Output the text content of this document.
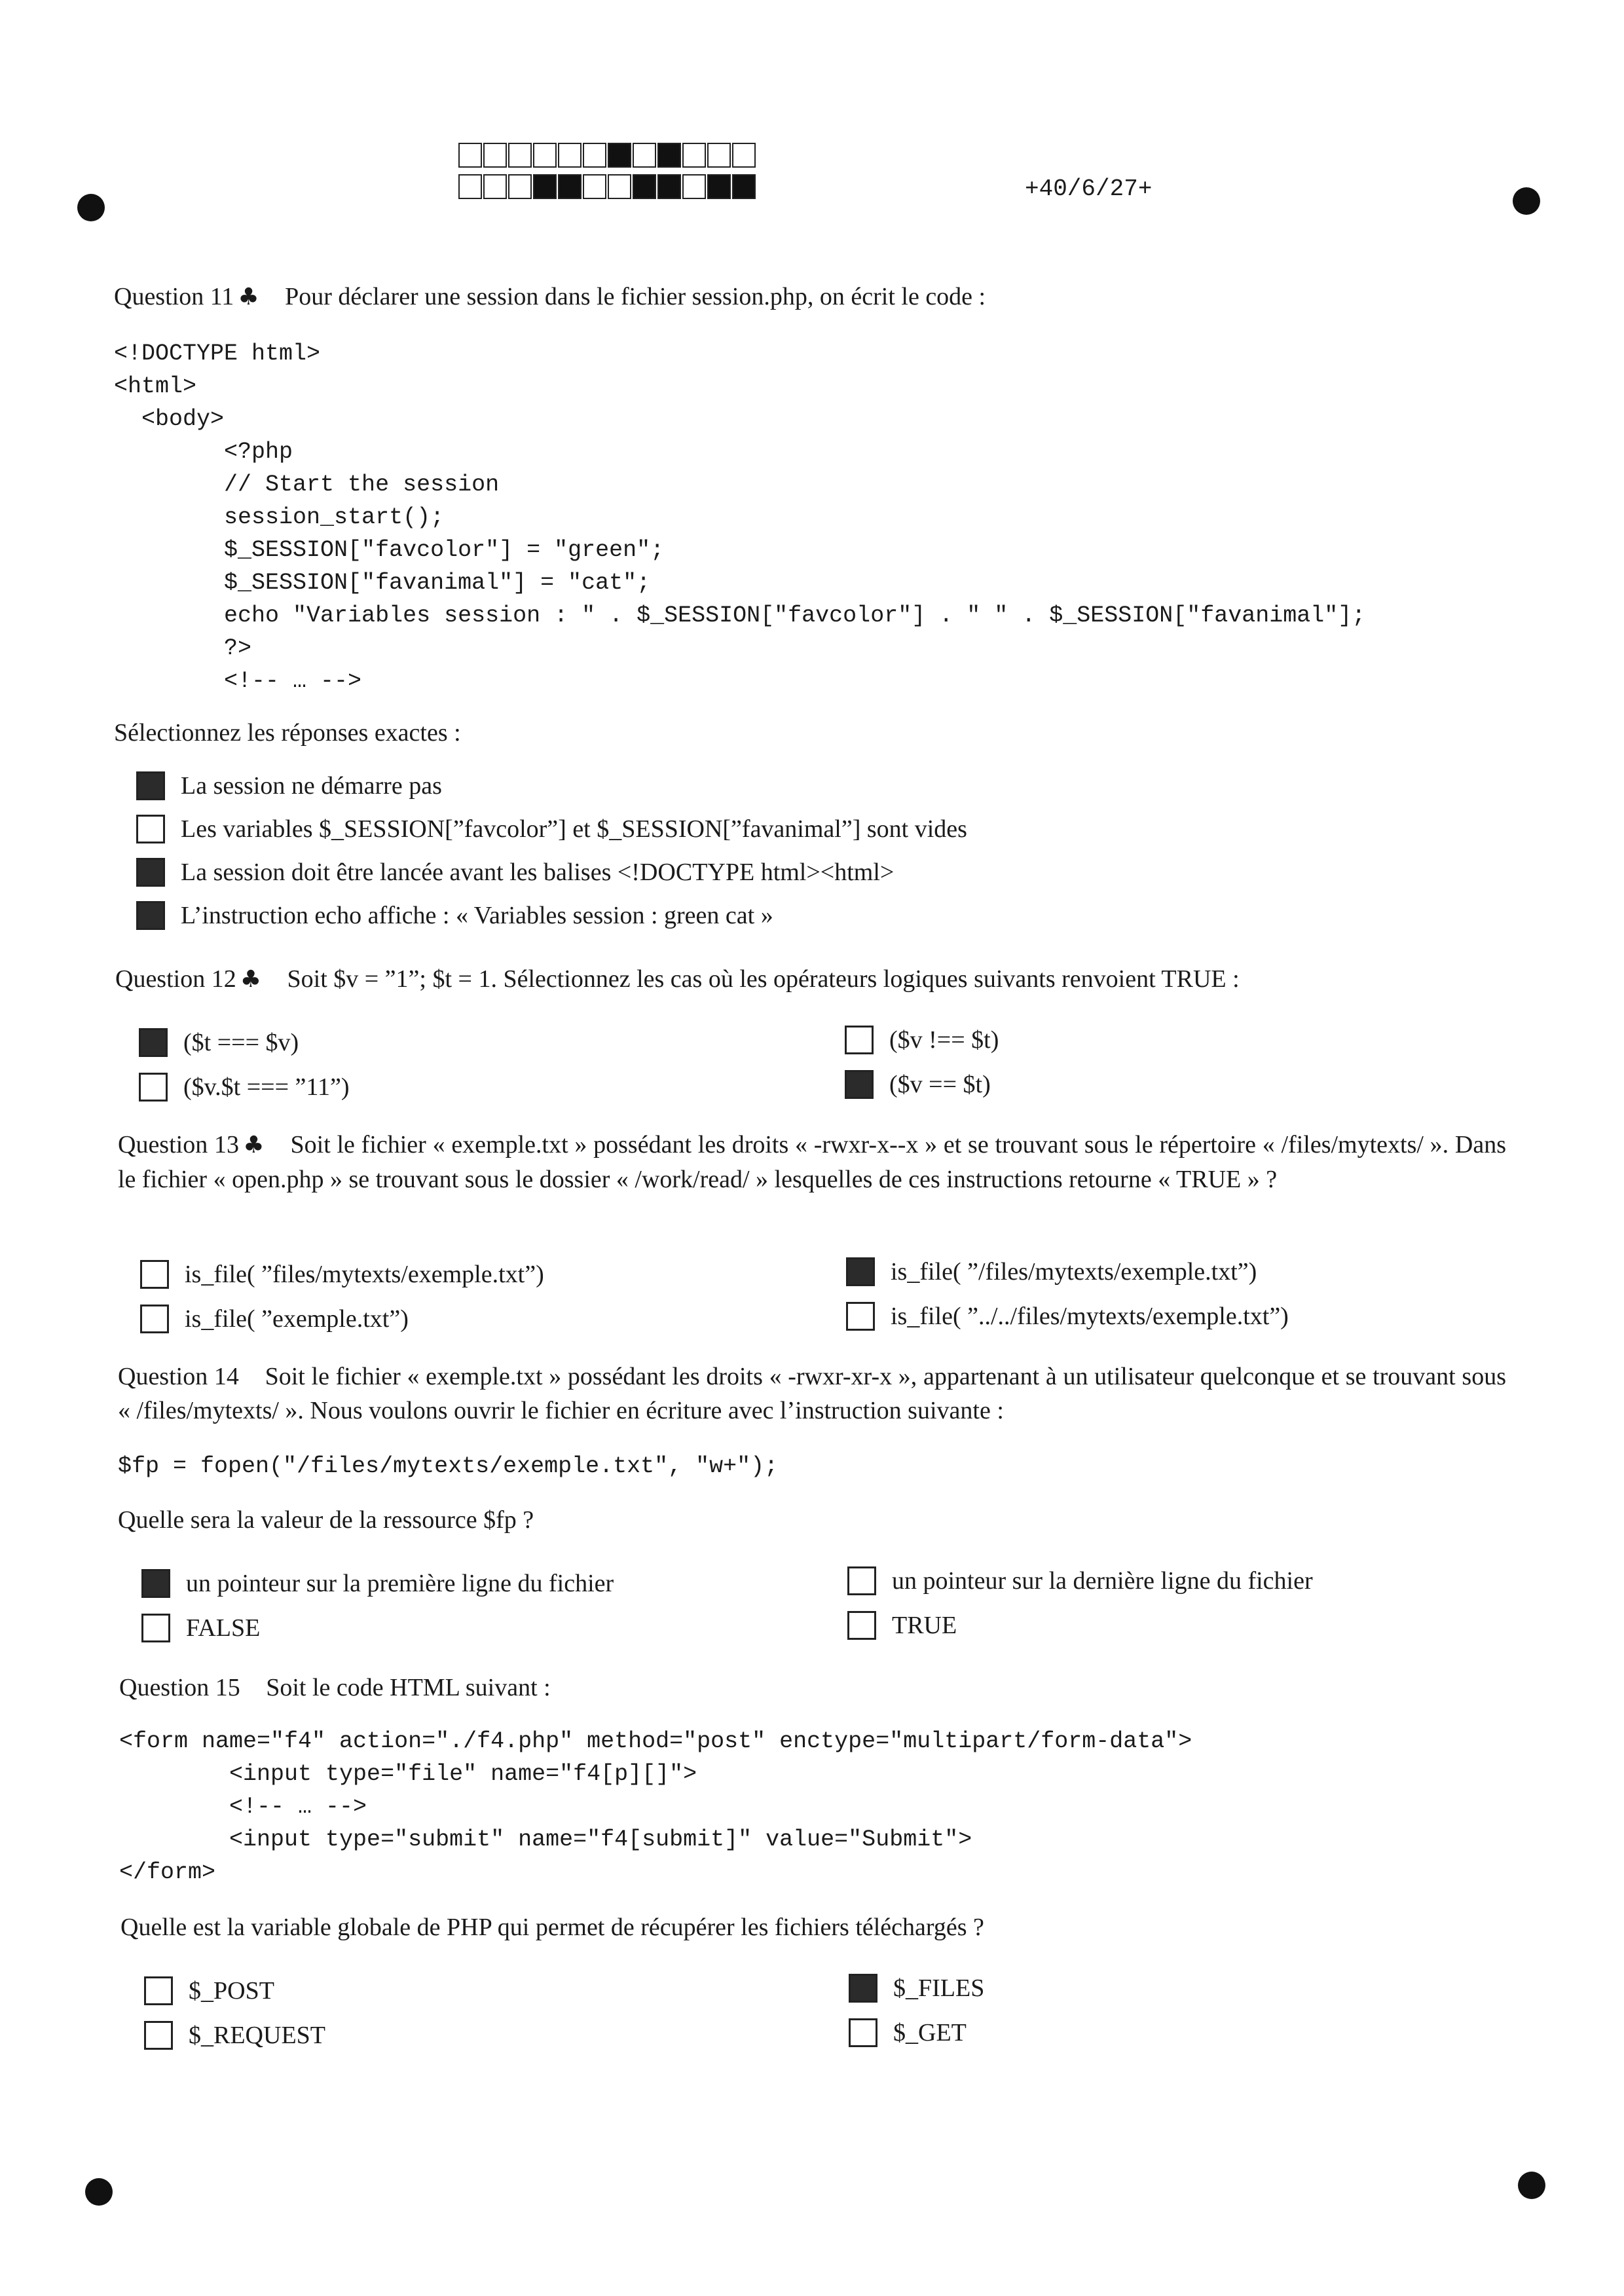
+40/6/27+
Question 11 ♣ Pour déclarer une session dans le fichier session.php, on écrit le code :
<!DOCTYPE html>
<html>
<body>
<?php
// Start the session
session_start();
$_SESSION["favcolor"] = "green";
$_SESSION["favanimal"] = "cat";
echo "Variables session : " . $_SESSION["favcolor"] . " " . $_SESSION["favanimal"];
?>
<!-- … -->
Sélectionnez les réponses exactes :
La session ne démarre pas
Les variables $_SESSION[”favcolor”] et $_SESSION[”favanimal”] sont vides
La session doit être lancée avant les balises <!DOCTYPE html><html>
L’instruction echo affiche : « Variables session : green cat »
Question 12 ♣ Soit $v = ”1”; $t = 1. Sélectionnez les cas où les opérateurs logiques suivants renvoient TRUE :
($t === $v)	($v !== $t)
($v.$t === ”11”)	($v == $t)
Question 13 ♣ Soit le fichier « exemple.txt » possédant les droits « -rwxr-x--x » et se trouvant sous le répertoire « /files/mytexts/ ». Dans le fichier « open.php » se trouvant sous le dossier « /work/read/ » lesquelles de ces instructions retourne « TRUE » ?
is_file( ”files/mytexts/exemple.txt”)	is_file( ”/files/mytexts/exemple.txt”)
is_file( ”exemple.txt”)	is_file( ”../../files/mytexts/exemple.txt”)
Question 14 Soit le fichier « exemple.txt » possédant les droits « -rwxr-xr-x », appartenant à un utilisateur quelconque et se trouvant sous « /files/mytexts/ ». Nous voulons ouvrir le fichier en écriture avec l’instruction suivante :
$fp = fopen("/files/mytexts/exemple.txt", "w+");
Quelle sera la valeur de la ressource $fp ?
un pointeur sur la première ligne du fichier	un pointeur sur la dernière ligne du fichier
FALSE	TRUE
Question 15 Soit le code HTML suivant :
<form name="f4" action="./f4.php" method="post" enctype="multipart/form-data">
<input type="file" name="f4[p][]">
<!-- … -->
<input type="submit" name="f4[submit]" value="Submit">
</form>
Quelle est la variable globale de PHP qui permet de récupérer les fichiers téléchargés ?
$_POST	$_FILES
$_REQUEST	$_GET
